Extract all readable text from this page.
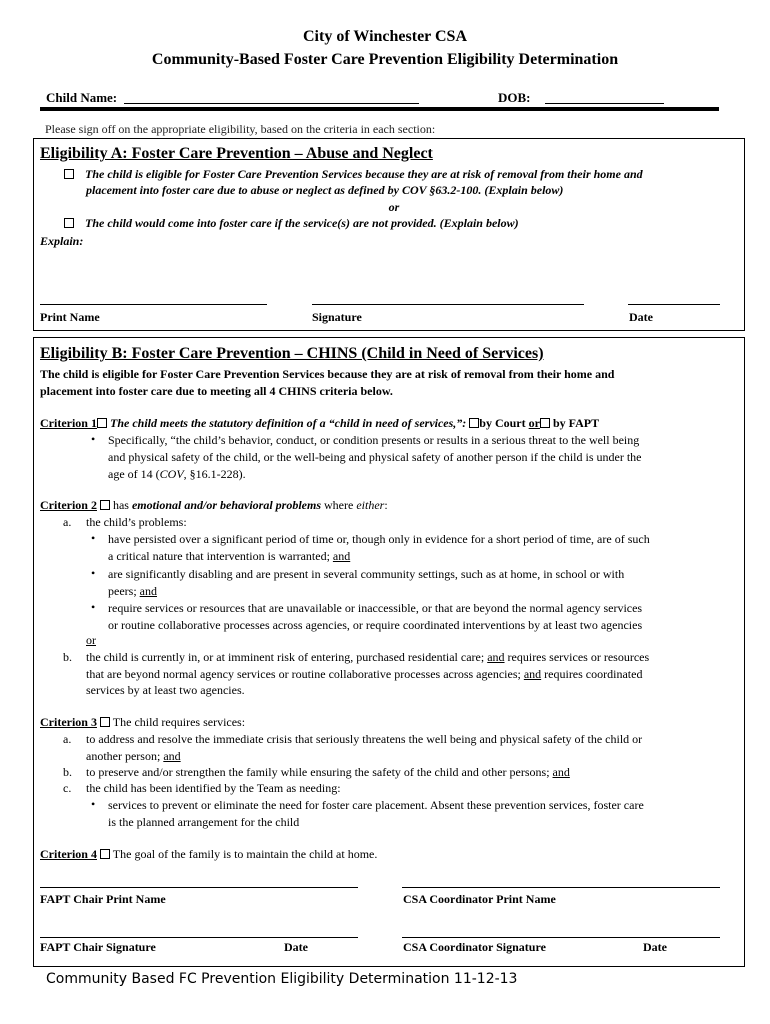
City of Winchester CSA
Community-Based Foster Care Prevention Eligibility Determination
Child Name:	DOB:
Please sign off on the appropriate eligibility, based on the criteria in each section:
Eligibility A: Foster Care Prevention – Abuse and Neglect
The child is eligible for Foster Care Prevention Services because they are at risk of removal from their home and
placement into foster care due to abuse or neglect as defined by COV §63.2-100. (Explain below)
or
The child would come into foster care if the service(s) are not provided. (Explain below)
Explain:
Print Name	Signature	Date
Eligibility B: Foster Care Prevention – CHINS (Child in Need of Services)
The child is eligible for Foster Care Prevention Services because they are at risk of removal from their home and
placement into foster care due to meeting all 4 CHINS criteria below.
Criterion 1 The child meets the statutory definition of a “child in need of services,”: by Court or by FAPT
• Specifically, “the child’s behavior, conduct, or condition presents or results in a serious threat to the well being
and physical safety of the child, or the well-being and physical safety of another person if the child is under the
age of 14 (COV, §16.1-228).
Criterion 2 has emotional and/or behavioral problems where either:
a. the child’s problems:
• have persisted over a significant period of time or, though only in evidence for a short period of time, are of such
a critical nature that intervention is warranted; and
• are significantly disabling and are present in several community settings, such as at home, in school or with
peers; and
• require services or resources that are unavailable or inaccessible, or that are beyond the normal agency services
or routine collaborative processes across agencies, or require coordinated interventions by at least two agencies
or
b. the child is currently in, or at imminent risk of entering, purchased residential care; and requires services or resources
that are beyond normal agency services or routine collaborative processes across agencies; and requires coordinated
services by at least two agencies.
Criterion 3 The child requires services:
a. to address and resolve the immediate crisis that seriously threatens the well being and physical safety of the child or
another person; and
b. to preserve and/or strengthen the family while ensuring the safety of the child and other persons; and
c. the child has been identified by the Team as needing:
• services to prevent or eliminate the need for foster care placement. Absent these prevention services, foster care
is the planned arrangement for the child
Criterion 4 The goal of the family is to maintain the child at home.
FAPT Chair Print Name	CSA Coordinator Print Name
FAPT Chair Signature	Date	CSA Coordinator Signature	Date
Community Based FC Prevention Eligibility Determination 11-12-13
